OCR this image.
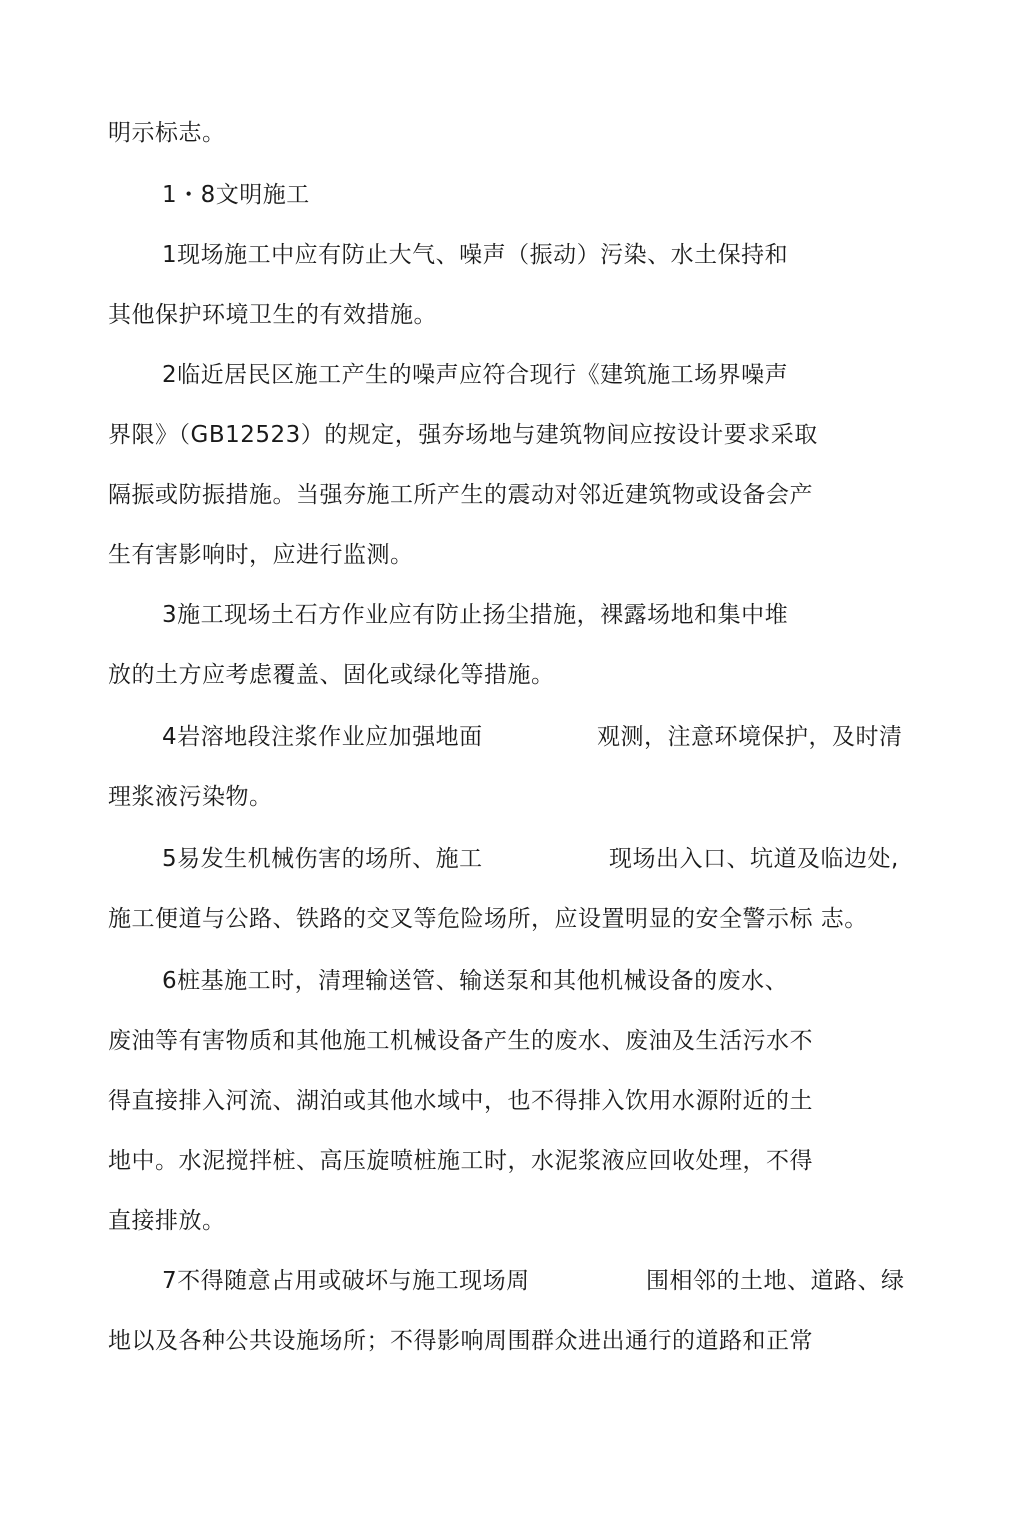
明示标志。
1・8文明施工
1现场施工中应有防止大气、噪声（振动）污染、水土保持和
其他保护环境卫生的有效措施。
2临近居民区施工产生的噪声应符合现行《建筑施工场界噪声
界限》（GB12523）的规定，强夯场地与建筑物间应按设计要求采取
隔振或防振措施。当强夯施工所产生的震动对邻近建筑物或设备会产
生有害影响时，应进行监测。
3施工现场土石方作业应有防止扬尘措施，裸露场地和集中堆
放的土方应考虑覆盖、固化或绿化等措施。
4岩溶地段注浆作业应加强地面	观测，注意环境保护，及时清
理浆液污染物。
5易发生机械伤害的场所、施工	现场出入口、坑道及临边处,
施工便道与公路、铁路的交叉等危险场所，应设置明显的安全警示标 志。
6桩基施工时，清理输送管、输送泵和其他机械设备的废水、
废油等有害物质和其他施工机械设备产生的废水、废油及生活污水不
得直接排入河流、湖泊或其他水域中，也不得排入饮用水源附近的土
地中。水泥搅拌桩、高压旋喷桩施工时，水泥浆液应回收处理，不得
直接排放。
7不得随意占用或破坏与施工现场周	围相邻的土地、道路、绿
地以及各种公共设施场所；不得影响周围群众进出通行的道路和正常
